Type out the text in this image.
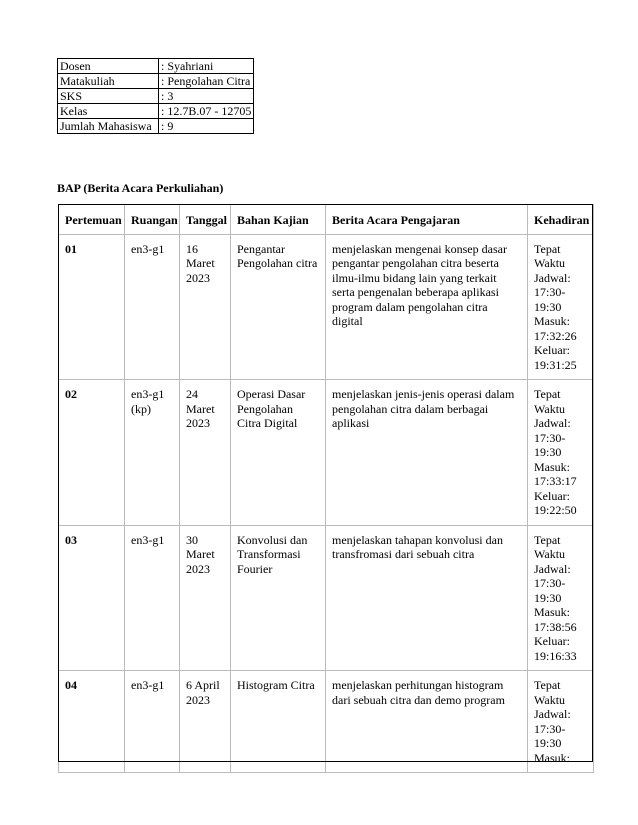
Dosen	: Syahriani
Matakuliah	: Pengolahan Citra
SKS	: 3
Kelas	: 12.7B.07 - 12705
Jumlah Mahasiswa	: 9
BAP (Berita Acara Perkuliahan)
Pertemuan	Ruangan	Tanggal	Bahan Kajian	Berita Acara Pengajaran	Kehadiran
01	en3-g1	16 Maret 2023	Pengantar Pengolahan citra	menjelaskan mengenai konsep dasar pengantar pengolahan citra beserta ilmu-ilmu bidang lain yang terkait serta pengenalan beberapa aplikasi program dalam pengolahan citra digital	Tepat Waktu Jadwal: 17:30-19:30 Masuk: 17:32:26 Keluar: 19:31:25
02	en3-g1 (kp)	24 Maret 2023	Operasi Dasar Pengolahan Citra Digital	menjelaskan jenis-jenis operasi dalam pengolahan citra dalam berbagai aplikasi	Tepat Waktu Jadwal: 17:30-19:30 Masuk: 17:33:17 Keluar: 19:22:50
03	en3-g1	30 Maret 2023	Konvolusi dan Transformasi Fourier	menjelaskan tahapan konvolusi dan transfromasi dari sebuah citra	Tepat Waktu Jadwal: 17:30-19:30 Masuk: 17:38:56 Keluar: 19:16:33
04	en3-g1	6 April 2023	Histogram Citra	menjelaskan perhitungan histogram dari sebuah citra dan demo program	Tepat Waktu Jadwal: 17:30-19:30 Masuk:
